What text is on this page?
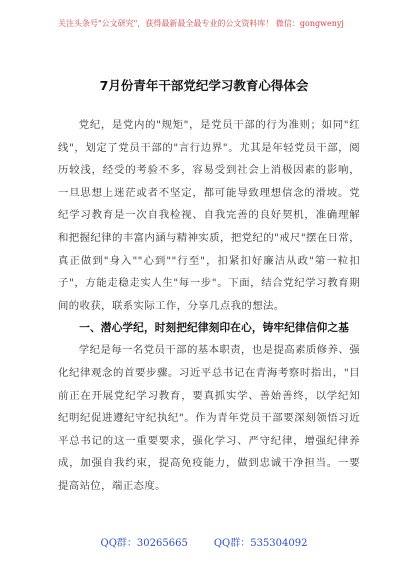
关注头条号"公文研究"，获得最新最全最专业的公文资料库！ 微信：gongwenyj
7月份青年干部党纪学习教育心得体会

党纪，是党内的"规矩"，是党员干部的行为准则；如同"红线"，划定了党员干部的"言行边界"。尤其是年轻党员干部，阅历较浅，经受的考验不多，容易受到社会上消极因素的影响，一旦思想上迷茫或者不坚定，都可能导致理想信念的滑坡。党纪学习教育是一次自我检视、自我完善的良好契机，准确理解和把握纪律的丰富内涵与精神实质，把党纪的"戒尺"摆在日常，真正做到"身入""心到""行至"，扣紧扣好廉洁从政"第一粒扣子"，方能走稳走实人生"每一步"。下面，结合党纪学习教育期间的收获，联系实际工作，分享几点我的想法。

一、潜心学纪，时刻把纪律刻印在心，铸牢纪律信仰之基

学纪是每一名党员干部的基本职责，也是提高素质修养、强化纪律观念的首要步骤。习近平总书记在青海考察时指出，"目前正在开展党纪学习教育，要真抓实学、善始善终，以学纪知纪明纪促进遵纪守纪执纪"。作为青年党员干部要深刻领悟习近平总书记的这一重要要求，强化学习、严守纪律，增强纪律养成，加强自我约束，提高免疫能力，做到忠诚干净担当。一要提高站位，端正态度。

QQ群：30265665	QQ群：535304092
